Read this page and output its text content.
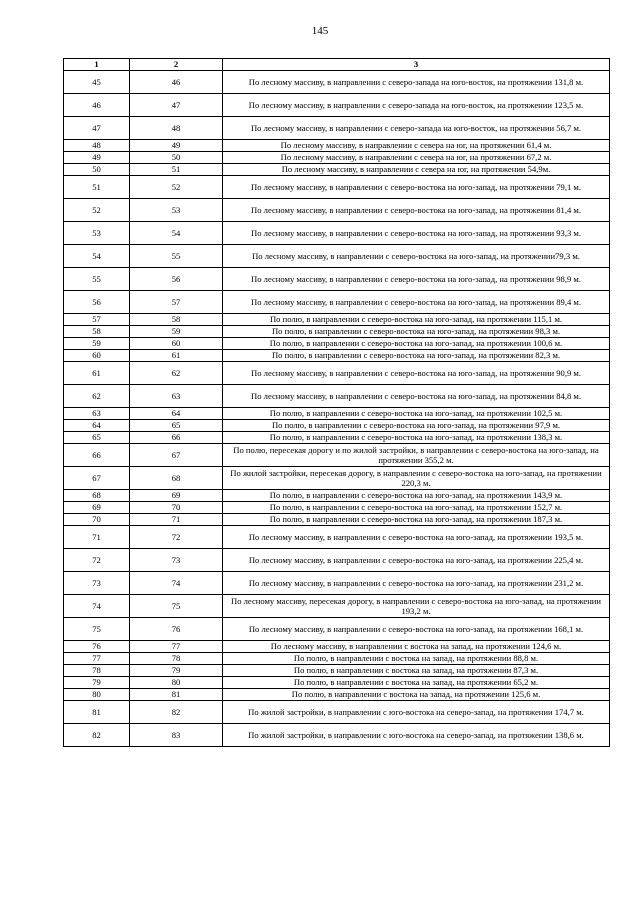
145
1	2	3
45	46	По лесному массиву, в направлении с северо-запада на юго-восток, на протяжении 131,8 м.
46	47	По лесному массиву, в направлении с северо-запада на юго-восток, на протяжении 123,5 м.
47	48	По лесному массиву, в направлении с северо-запада на юго-восток, на протяжении 56,7 м.
48	49	По лесному массиву, в направлении с севера на юг, на протяжении 61,4 м.
49	50	По лесному массиву, в направлении с севера на юг, на протяжении 67,2 м.
50	51	По лесному массиву, в направлении с севера на юг, на протяжении 54,9м.
51	52	По лесному массиву, в направлении с северо-востока на юго-запад, на протяжении 79,1 м.
52	53	По лесному массиву, в направлении с северо-востока на юго-запад, на протяжении 81,4 м.
53	54	По лесному массиву, в направлении с северо-востока на юго-запад, на протяжении 93,3 м.
54	55	По лесному массиву, в направлении с северо-востока на юго-запад, на протяжении79,3 м.
55	56	По лесному массиву, в направлении с северо-востока на юго-запад, на протяжении 98,9 м.
56	57	По лесному массиву, в направлении с северо-востока на юго-запад, на протяжении 89,4 м.
57	58	По полю, в направлении с северо-востока на юго-запад, на протяжении 115,1 м.
58	59	По полю, в направлении с северо-востока на юго-запад, на протяжении 98,3 м.
59	60	По полю, в направлении с северо-востока на юго-запад, на протяжении 100,6 м.
60	61	По полю, в направлении с северо-востока на юго-запад, на протяжении 82,3 м.
61	62	По лесному массиву, в направлении с северо-востока на юго-запад, на протяжении 90,9 м.
62	63	По лесному массиву, в направлении с северо-востока на юго-запад, на протяжении 84,8 м.
63	64	По полю, в направлении с северо-востока на юго-запад, на протяжении 102,5 м.
64	65	По полю, в направлении с северо-востока на юго-запад, на протяжении 97,9 м.
65	66	По полю, в направлении с северо-востока на юго-запад, на протяжении 138,3 м.
66	67	По полю, пересекая дорогу и по жилой застройки, в направлении с северо-востока на юго-запад, на протяжении 355,2 м.
67	68	По жилой застройки, пересекая дорогу, в направлении с северо-востока на юго-запад, на протяжении 220,3 м.
68	69	По полю, в направлении с северо-востока на юго-запад, на протяжении 143,9 м.
69	70	По полю, в направлении с северо-востока на юго-запад, на протяжении 152,7 м.
70	71	По полю, в направлении с северо-востока на юго-запад, на протяжении 187,3 м.
71	72	По лесному массиву, в направлении с северо-востока на юго-запад, на протяжении 193,5 м.
72	73	По лесному массиву, в направлении с северо-востока на юго-запад, на протяжении 225,4 м.
73	74	По лесному массиву, в направлении с северо-востока на юго-запад, на протяжении 231,2 м.
74	75	По лесному массиву, пересекая дорогу, в направлении с северо-востока на юго-запад, на протяжении 193,2 м.
75	76	По лесному массиву, в направлении с северо-востока на юго-запад, на протяжении 168,1 м.
76	77	По лесному массиву, в направлении с востока на запад, на протяжении 124,6 м.
77	78	По полю, в направлении с востока на запад, на протяжении 88,8 м.
78	79	По полю, в направлении с востока на запад, на протяжении 87,3 м.
79	80	По полю, в направлении с востока на запад, на протяжении 65,2 м.
80	81	По полю, в направлении с востока на запад, на протяжении 125,6 м.
81	82	По жилой застройки, в направлении с юго-востока на северо-запад, на протяжении 174,7 м.
82	83	По жилой застройки, в направлении с юго-востока на северо-запад, на протяжении 138,6 м.
